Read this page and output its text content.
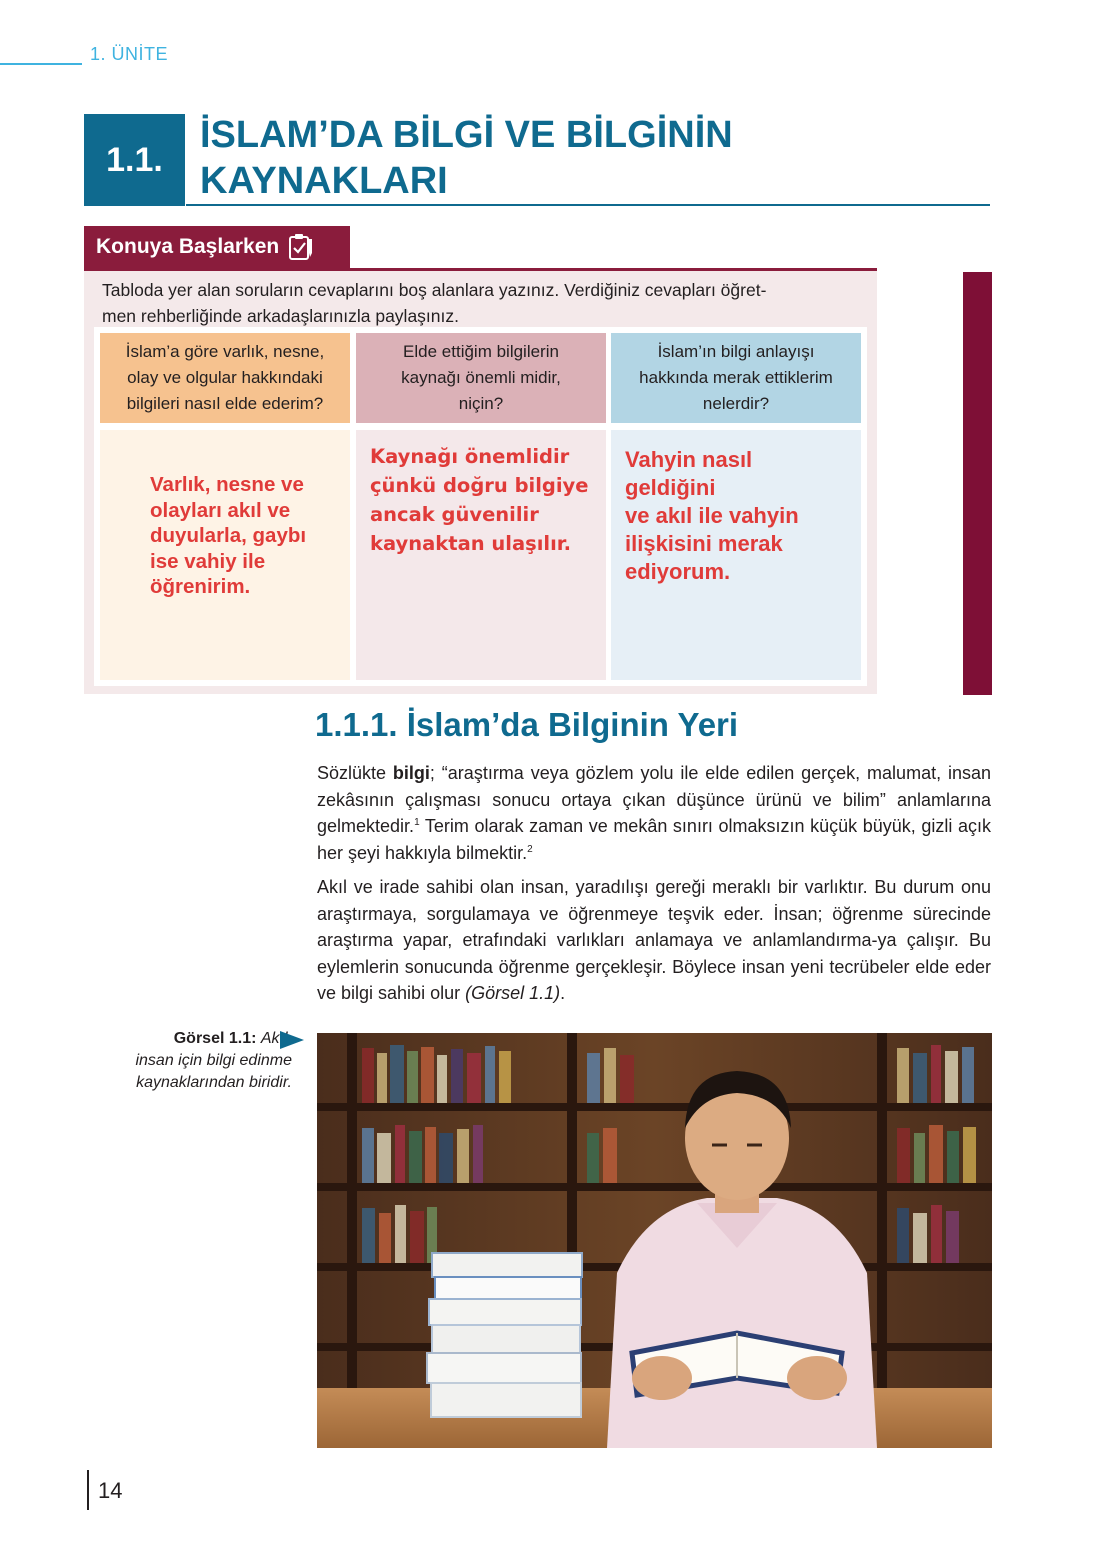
1. ÜNİTE
1.1.
İSLAM’DA BİLGİ VE BİLGİNİN
KAYNAKLARI
Konuya Başlarken
Tabloda yer alan soruların cevaplarını boş alanlara yazınız. Verdiğiniz cevapları öğret-
men rehberliğinde arkadaşlarınızla paylaşınız.
İslam’a göre varlık, nesne,
olay ve olgular hakkındaki
bilgileri nasıl elde ederim?
Elde ettiğim bilgilerin
kaynağı önemli midir,
niçin?
İslam’ın bilgi anlayışı
hakkında merak ettiklerim
nelerdir?
Varlık, nesne ve
olayları akıl ve
duyularla, gaybı
ise vahiy ile
öğrenirim.
Kaynağı önemlidir
çünkü doğru bilgiye
ancak güvenilir
kaynaktan ulaşılır.
Vahyin nasıl geldiğini
ve akıl ile vahyin
ilişkisini merak
ediyorum.
1.1.1. İslam’da Bilginin Yeri
Sözlükte bilgi; “araştırma veya gözlem yolu ile elde edilen gerçek, malumat, insan zekâsının çalışması sonucu ortaya çıkan düşünce ürünü ve bilim” anlamlarına gelmektedir.$^1$ Terim olarak zaman ve mekân sınırı olmaksızın küçük büyük, gizli açık her şeyi hakkıyla bilmektir.$^2$
Akıl ve irade sahibi olan insan, yaradılışı gereği meraklı bir varlıktır. Bu durum onu araştırmaya, sorgulamaya ve öğrenmeye teşvik eder. İnsan; öğrenme sürecinde araştırma yapar, etrafındaki varlıkları anlamaya ve anlamlandırma-ya çalışır. Bu eylemlerin sonucunda öğrenme gerçekleşir. Böylece insan yeni tecrübeler elde eder ve bilgi sahibi olur (Görsel 1.1).
Görsel 1.1: Akıl,
insan için bilgi edinme
kaynaklarından biridir.
14
